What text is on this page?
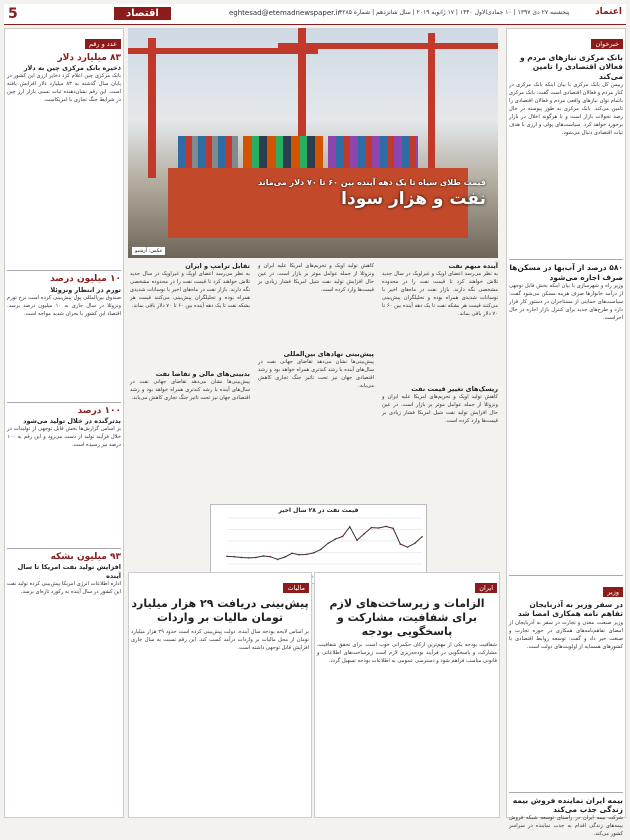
5	اقتصاد	eghtesad@etemadnewspaper.ir
پنجشنبه ۲۷ دی ۱۳۹۷ | ۱۰ جمادی‌الاول ۱۴۴۰ | ۱۷ ژانویه ۲۰۱۹ | سال شانزدهم | شماره ۴۲۸۵	اعتماد
خبرخوان
بانک مرکزی نیازهای مردم و فعالان اقتصادی را تامین می‌کند
رییس کل بانک مرکزی با بیان اینکه بانک مرکزی در کنار مردم و فعالان اقتصادی است گفت: بانک مرکزی باتمام توان نیازهای واقعی مردم و فعالان اقتصادی را تامین می‌کند. بانک مرکزی به طور پیوسته در حال رصد تحولات بازار است و با هرگونه اخلال در بازار برخورد خواهد کرد. سیاست‌های پولی و ارزی با هدف ثبات اقتصادی دنبال می‌شود.
۵۸۰ درصد از آب‌بها در مسکن‌ها صرف اجاره می‌شود
وزیر راه و شهرسازی با بیان اینکه بخش قابل توجهی از درآمد خانوارها صرف هزینه مسکن می‌شود گفت: سیاست‌های حمایتی از مستاجران در دستور کار قرار دارد و طرح‌های جدید برای کنترل بازار اجاره در حال اجراست.
وزیر
در سفر وزیر به آذربایجان تفاهم نامه همکاری امضا شد
وزیر صنعت، معدن و تجارت در سفر به آذربایجان از امضای تفاهم‌نامه‌های همکاری در حوزه تجارت و صنعت خبر داد و گفت: توسعه روابط اقتصادی با کشورهای همسایه از اولویت‌های دولت است.
بیمه ایران نماینده فروش بیمه زندگی جذب می‌کند
شرکت بیمه ایران در راستای توسعه شبکه فروش بیمه‌های زندگی اقدام به جذب نماینده در سراسر کشور می‌کند.
عدد و رقم
۸۳ میلیارد دلار
ذخیره بانک مرکزی چین به دلار
بانک مرکزی چین اعلام کرد ذخایر ارزی این کشور در پایان سال گذشته به ۸۳ میلیارد دلار افزایش یافته است. این رقم نشان‌دهنده ثبات نسبی بازار ارز چین در شرایط جنگ تجاری با امریکاست.
۱۰ میلیون درصد
تورم در انتظار ونزوئلا
صندوق بین‌المللی پول پیش‌بینی کرده است نرخ تورم ونزوئلا در سال جاری به ۱۰ میلیون درصد برسد. اقتصاد این کشور با بحران شدید مواجه است.
۱۰۰ درصد
بدترگنده در خلال تولید می‌شود
بر اساس گزارش‌ها بخش قابل توجهی از تولیدات در خلال فرآیند تولید از دست می‌رود و این رقم به ۱۰۰ درصد نیز رسیده است.
۹۳ میلیون بشکه
افزایش تولید نفت امریکا تا سال آینده
اداره اطلاعات انرژی امریکا پیش‌بینی کرده تولید نفت این کشور در سال آینده به رکورد تازه‌ای برسد.
قیمت طلای سیاه تا یک دهه آینده بین ۶۰ تا ۷۰ دلار می‌ماند
نفت و هزار سودا
عکس: آرشیو
آینده مبهم نفت
به نظر می‌رسد اعضای اوپک و غیراوپک در سال جدید تلاش خواهند کرد تا قیمت نفت را در محدوده مشخصی نگه دارند. بازار نفت در ماه‌های اخیر با نوسانات شدیدی همراه بوده و تحلیلگران پیش‌بینی می‌کنند قیمت هر بشکه نفت تا یک دهه آینده بین ۶۰ تا ۷۰ دلار باقی بماند.
ریسک‌های تغییر قیمت نفت
کاهش تولید اوپک و تحریم‌های امریکا علیه ایران و ونزوئلا از جمله عوامل موثر بر بازار است. در عین حال افزایش تولید نفت شیل امریکا فشار زیادی بر قیمت‌ها وارد کرده است.
کاهش تولید اوپک و تحریم‌های امریکا علیه ایران و ونزوئلا از جمله عوامل موثر بر بازار است. در عین حال افزایش تولید نفت شیل امریکا فشار زیادی بر قیمت‌ها وارد کرده است.
پیش‌بینی نهادهای بین‌المللی
پیش‌بینی‌ها نشان می‌دهد تقاضای جهانی نفت در سال‌های آینده با رشد کندتری همراه خواهد بود و رشد اقتصادی جهان نیز تحت تاثیر جنگ تجاری کاهش می‌یابد.
تقابل ترامپ و ایران
به نظر می‌رسد اعضای اوپک و غیراوپک در سال جدید تلاش خواهند کرد تا قیمت نفت را در محدوده مشخصی نگه دارند. بازار نفت در ماه‌های اخیر با نوسانات شدیدی همراه بوده و تحلیلگران پیش‌بینی می‌کنند قیمت هر بشکه نفت تا یک دهه آینده بین ۶۰ تا ۷۰ دلار باقی بماند.
بدبینی‌های مالی و تقاضا نفت
پیش‌بینی‌ها نشان می‌دهد تقاضای جهانی نفت در سال‌های آینده با رشد کندتری همراه خواهد بود و رشد اقتصادی جهان نیز تحت تاثیر جنگ تجاری کاهش می‌یابد.
قیمت نفت در ۲۸ سال اخیر
ایران
الزامات و زیرساخت‌های لازم برای شفافیت، مشارکت و پاسخگویی بودجه
شفافیت بودجه یکی از مهم‌ترین ارکان حکمرانی خوب است. برای تحقق شفافیت، مشارکت و پاسخگویی در فرآیند بودجه‌ریزی لازم است زیرساخت‌های اطلاعاتی و قانونی مناسب فراهم شود و دسترسی عمومی به اطلاعات بودجه تسهیل گردد.
مالیات
پیش‌بینی دریافت ۲۹ هزار میلیارد تومان مالیات بر واردات
بر اساس لایحه بودجه سال آینده، دولت پیش‌بینی کرده است حدود ۲۹ هزار میلیارد تومان از محل مالیات بر واردات درآمد کسب کند. این رقم نسبت به سال جاری افزایش قابل توجهی داشته است.
